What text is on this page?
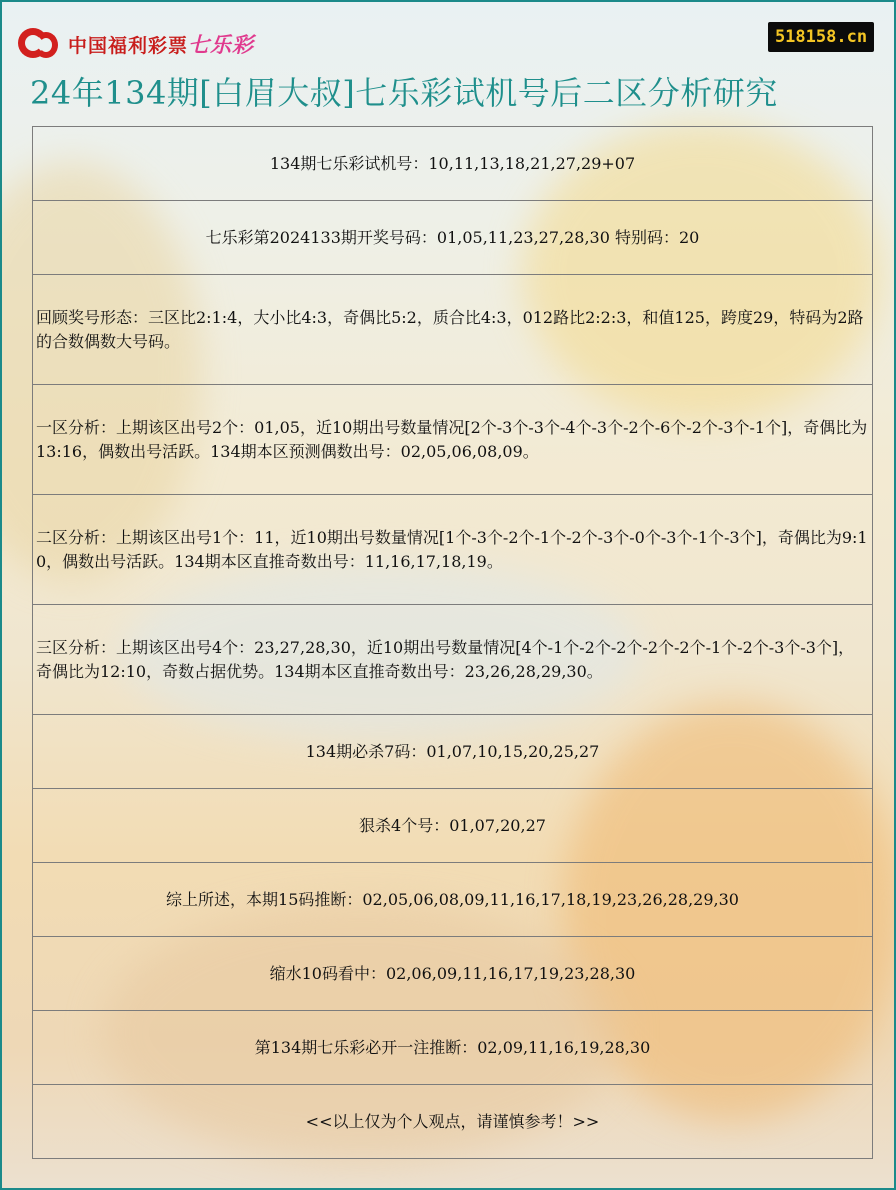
中国福利彩票七乐彩	518158.cn
24年134期[白眉大叔]七乐彩试机号后二区分析研究
134期七乐彩试机号：10,11,13,18,21,27,29+07
七乐彩第2024133期开奖号码：01,05,11,23,27,28,30 特别码：20
回顾奖号形态：三区比2:1:4，大小比4:3，奇偶比5:2，质合比4:3，012路比2:2:3，和值125，跨度29，特码为2路的合数偶数大号码。
一区分析：上期该区出号2个：01,05，近10期出号数量情况[2个-3个-3个-4个-3个-2个-6个-2个-3个-1个]，奇偶比为13:16，偶数出号活跃。134期本区预测偶数出号：02,05,06,08,09。
二区分析：上期该区出号1个：11，近10期出号数量情况[1个-3个-2个-1个-2个-3个-0个-3个-1个-3个]，奇偶比为9:10，偶数出号活跃。134期本区直推奇数出号：11,16,17,18,19。
三区分析：上期该区出号4个：23,27,28,30，近10期出号数量情况[4个-1个-2个-2个-2个-2个-1个-2个-3个-3个]，奇偶比为12:10，奇数占据优势。134期本区直推奇数出号：23,26,28,29,30。
134期必杀7码：01,07,10,15,20,25,27
狠杀4个号：01,07,20,27
综上所述，本期15码推断：02,05,06,08,09,11,16,17,18,19,23,26,28,29,30
缩水10码看中：02,06,09,11,16,17,19,23,28,30
第134期七乐彩必开一注推断：02,09,11,16,19,28,30
<<以上仅为个人观点，请谨慎参考！>>
